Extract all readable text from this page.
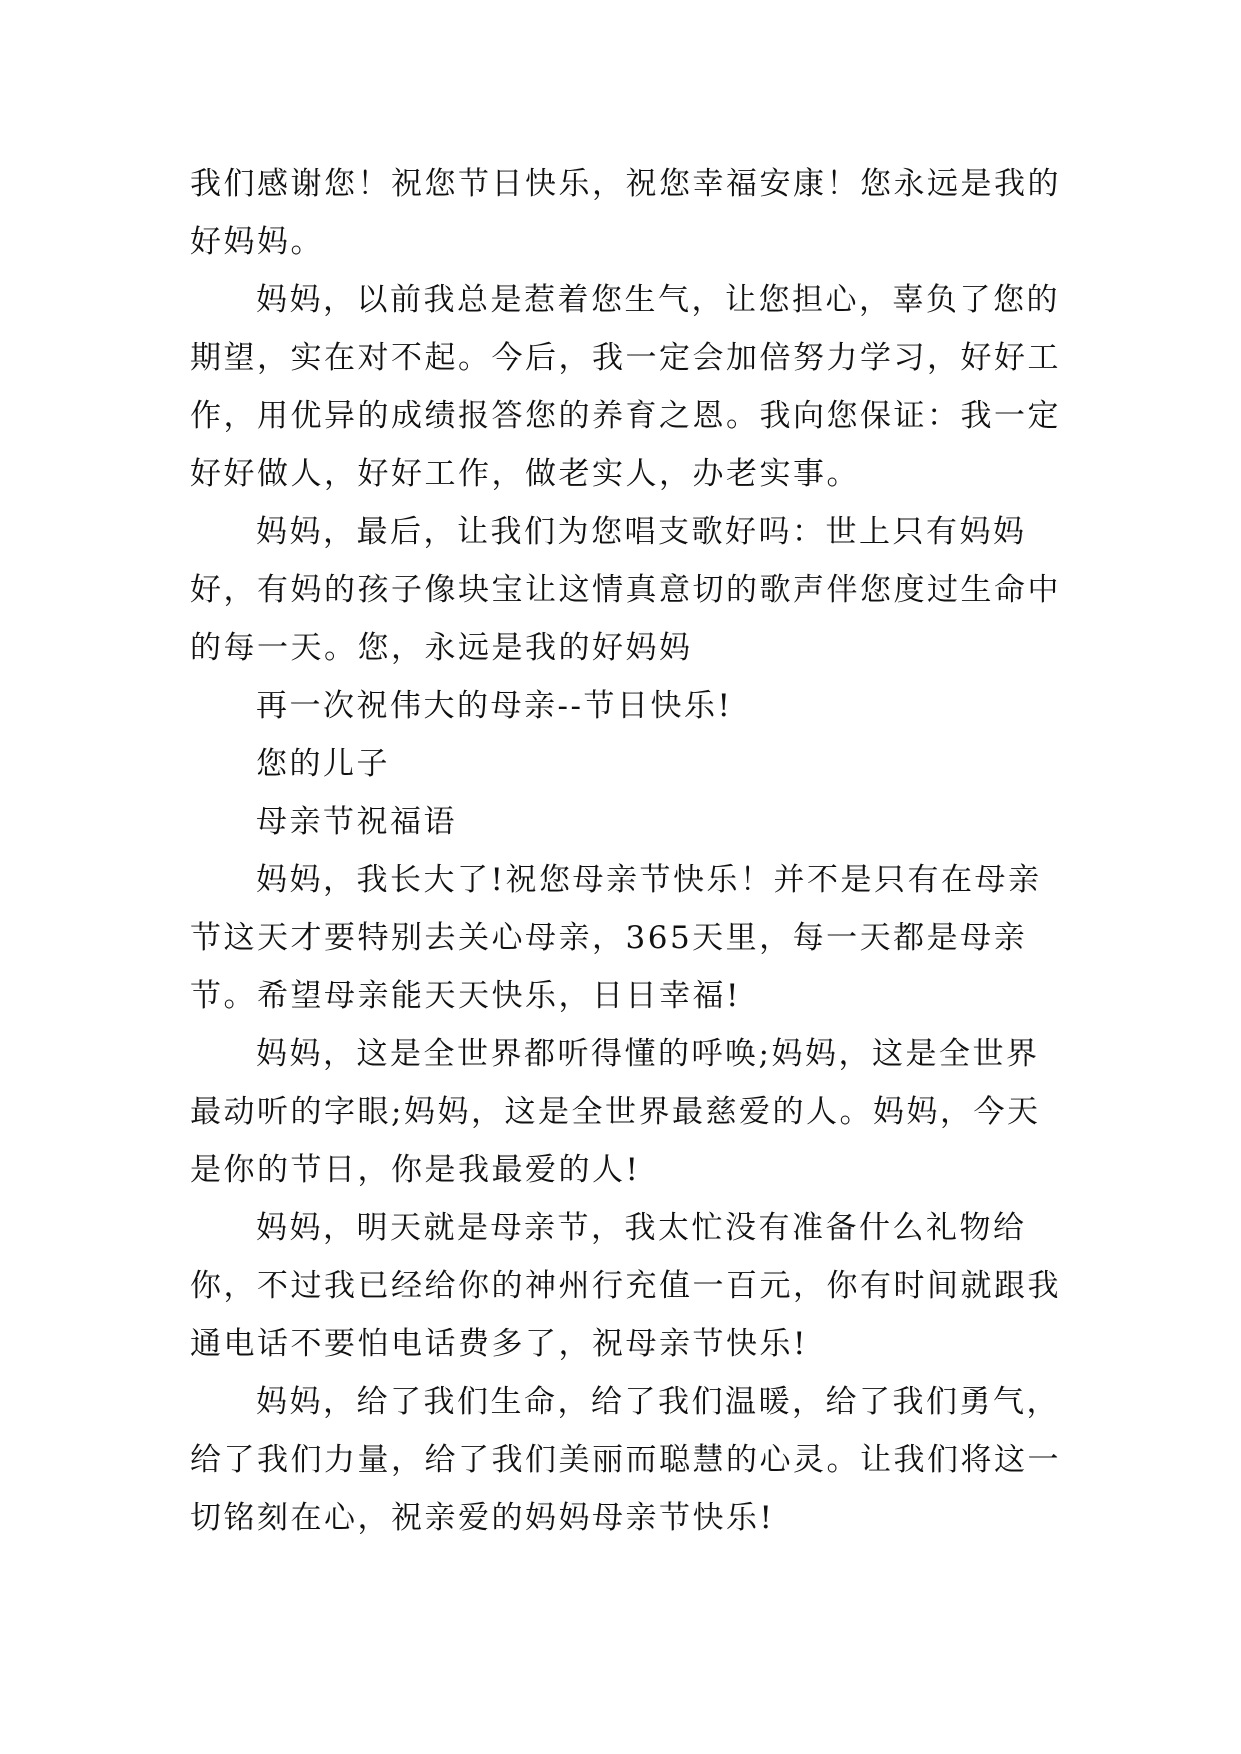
我们感谢您！祝您节日快乐，祝您幸福安康！您永远是我的好妈妈。

妈妈，以前我总是惹着您生气，让您担心，辜负了您的期望，实在对不起。今后，我一定会加倍努力学习，好好工作，用优异的成绩报答您的养育之恩。我向您保证：我一定好好做人，好好工作，做老实人，办老实事。

妈妈，最后，让我们为您唱支歌好吗：世上只有妈妈好，有妈的孩子像块宝让这情真意切的歌声伴您度过生命中的每一天。您，永远是我的好妈妈

再一次祝伟大的母亲--节日快乐!

您的儿子

母亲节祝福语

妈妈，我长大了!祝您母亲节快乐！并不是只有在母亲节这天才要特别去关心母亲，365天里，每一天都是母亲节。希望母亲能天天快乐，日日幸福!

妈妈，这是全世界都听得懂的呼唤;妈妈，这是全世界最动听的字眼;妈妈，这是全世界最慈爱的人。妈妈，今天是你的节日，你是我最爱的人!

妈妈，明天就是母亲节，我太忙没有准备什么礼物给你，不过我已经给你的神州行充值一百元，你有时间就跟我通电话不要怕电话费多了，祝母亲节快乐!

妈妈，给了我们生命，给了我们温暖，给了我们勇气，给了我们力量，给了我们美丽而聪慧的心灵。让我们将这一切铭刻在心，祝亲爱的妈妈母亲节快乐!
